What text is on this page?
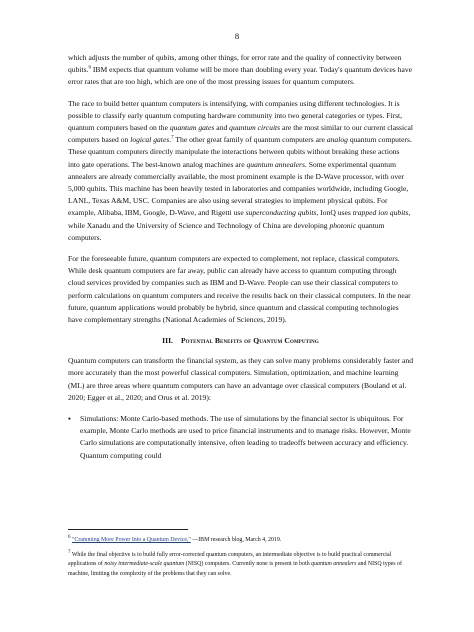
8

which adjusts the number of qubits, among other things, for error rate and the quality of connectivity between qubits.$^6$ IBM expects that quantum volume will be more than doubling every year. Today's quantum devices have error rates that are too high, which are one of the most pressing issues for quantum computers.

The race to build better quantum computers is intensifying, with companies using different technologies. It is possible to classify early quantum computing hardware community into two general categories or types. First, quantum computers based on the quantum gates and quantum circuits are the most similar to our current classical computers based on logical gates.$^7$ The other great family of quantum computers are analog quantum computers. These quantum computers directly manipulate the interactions between qubits without breaking these actions into gate operations. The best-known analog machines are quantum annealers. Some experimental quantum annealers are already commercially available, the most prominent example is the D-Wave processor, with over 5,000 qubits. This machine has been heavily tested in laboratories and companies worldwide, including Google, LANL, Texas A&M, USC. Companies are also using several strategies to implement physical qubits. For example, Alibaba, IBM, Google, D-Wave, and Rigetti use superconducting qubits, IonQ uses trapped ion qubits, while Xanadu and the University of Science and Technology of China are developing photonic quantum computers.

For the foreseeable future, quantum computers are expected to complement, not replace, classical computers. While desk quantum computers are far away, public can already have access to quantum computing through cloud services provided by companies such as IBM and D-Wave. People can use their classical computers to perform calculations on quantum computers and receive the results back on their classical computers. In the near future, quantum applications would probably be hybrid, since quantum and classical computing technologies have complementary strengths (National Academies of Sciences, 2019).

III. Potential Benefits of Quantum Computing

Quantum computers can transform the financial system, as they can solve many problems considerably faster and more accurately than the most powerful classical computers. Simulation, optimization, and machine learning (ML) are three areas where quantum computers can have an advantage over classical computers (Bouland et al. 2020; Egger et al., 2020; and Orus et al. 2019):

▪	Simulations: Monte Carlo-based methods. The use of simulations by the financial sector is ubiquitous. For example, Monte Carlo methods are used to price financial instruments and to manage risks. However, Monte Carlo simulations are computationally intensive, often leading to tradeoffs between accuracy and efficiency. Quantum computing could
$^6$ "Cramming More Power Into a Quantum Device," —IBM research blog, March 4, 2019.
$^7$ While the final objective is to build fully error-corrected quantum computers, an intermediate objective is to build practical commercial applications of noisy intermediate-scale quantum (NISQ) computers. Currently none is present in both quantum annealers and NISQ types of machine, limiting the complexity of the problems that they can solve.
